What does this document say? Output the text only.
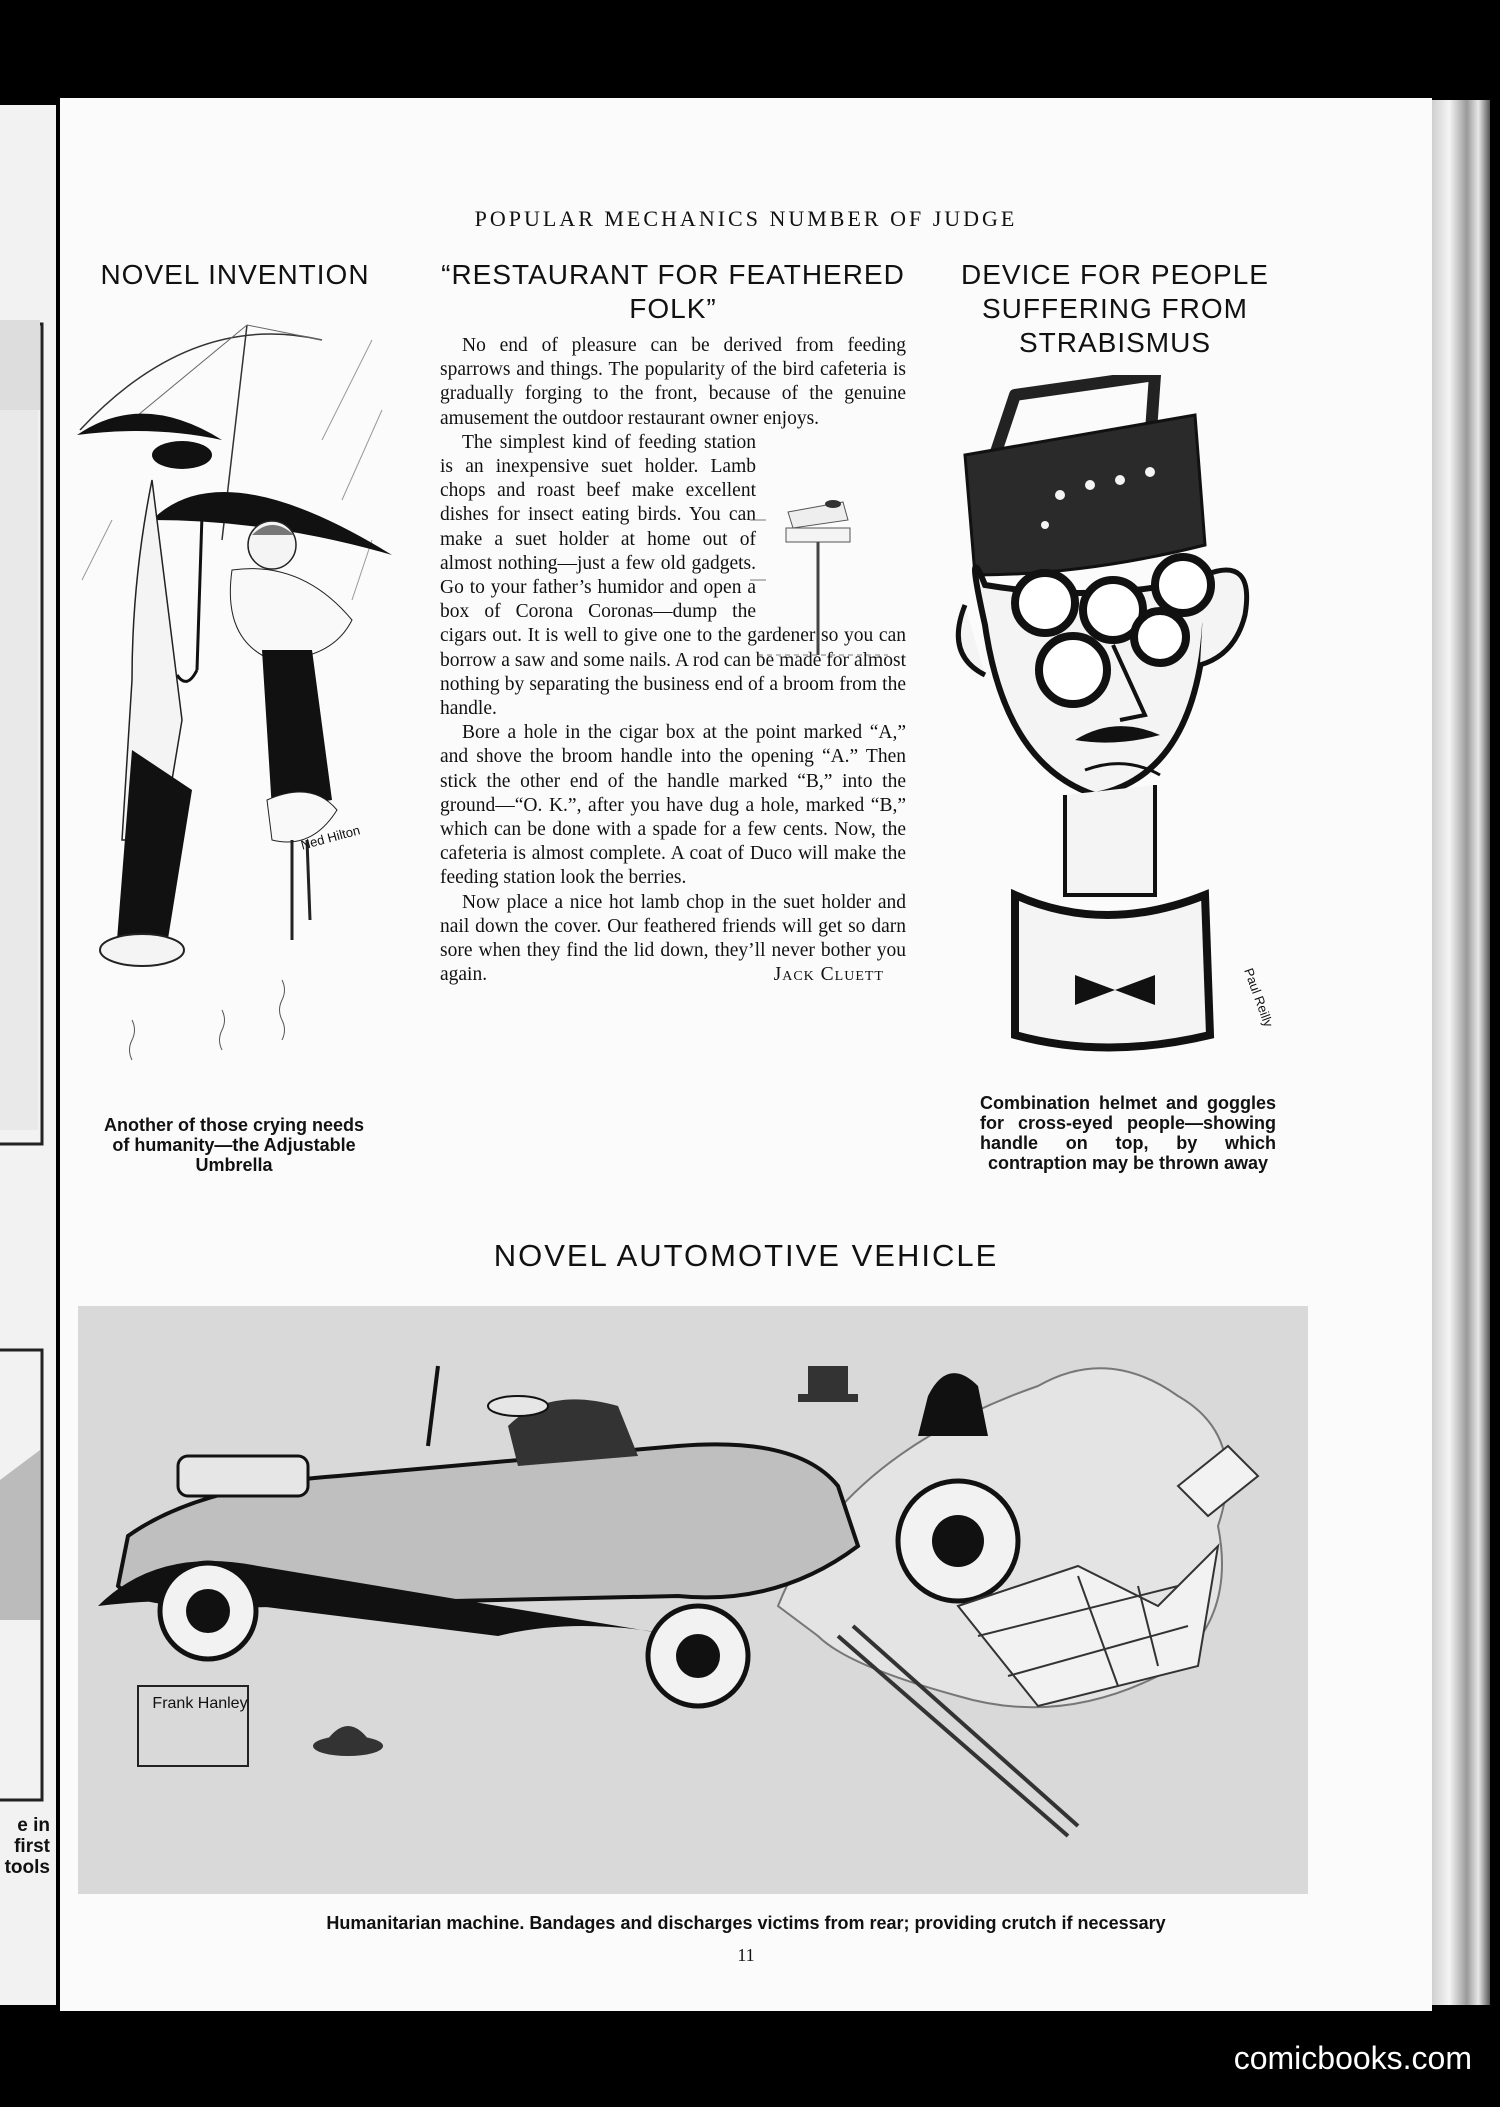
e in
first
tools
POPULAR MECHANICS NUMBER OF JUDGE
NOVEL INVENTION
Ned Hilton
Another of those crying needs of humanity—the Adjustable Umbrella
“RESTAURANT FOR FEATHERED FOLK”

No end of pleasure can be derived from feeding sparrows and things. The popularity of the bird cafeteria is gradually forging to the front, because of the genuine amusement the outdoor restaurant owner enjoys.

The simplest kind of feeding station is an inexpensive suet holder. Lamb chops and roast beef make excellent dishes for insect eating birds. You can make a suet holder at home out of almost nothing—just a few old gadgets. Go to your father’s humidor and open a box of Corona Coronas—dump the cigars out. It is well to give one to the gardener so you can borrow a saw and some nails. A rod can be made for almost nothing by separating the business end of a broom from the handle.

Bore a hole in the cigar box at the point marked “A,” and shove the broom handle into the opening “A.” Then stick the other end of the handle marked “B,” into the ground—“O. K.”, after you have dug a hole, marked “B,” which can be done with a spade for a few cents. Now, the cafeteria is almost complete. A coat of Duco will make the feeding station look the berries.

Now place a nice hot lamb chop in the suet holder and nail down the cover. Our feathered friends will get so darn sore when they find the lid down, they’ll never bother you again.	Jack Cluett
DEVICE FOR PEOPLE SUFFERING FROM STRABISMUS
Paul Reilly
Combination helmet and goggles for cross-eyed people—showing handle on top, by which contraption may be thrown away
NOVEL AUTOMOTIVE VEHICLE
Frank Hanley
Humanitarian machine. Bandages and discharges victims from rear; providing crutch if necessary
11
comicbooks.com
